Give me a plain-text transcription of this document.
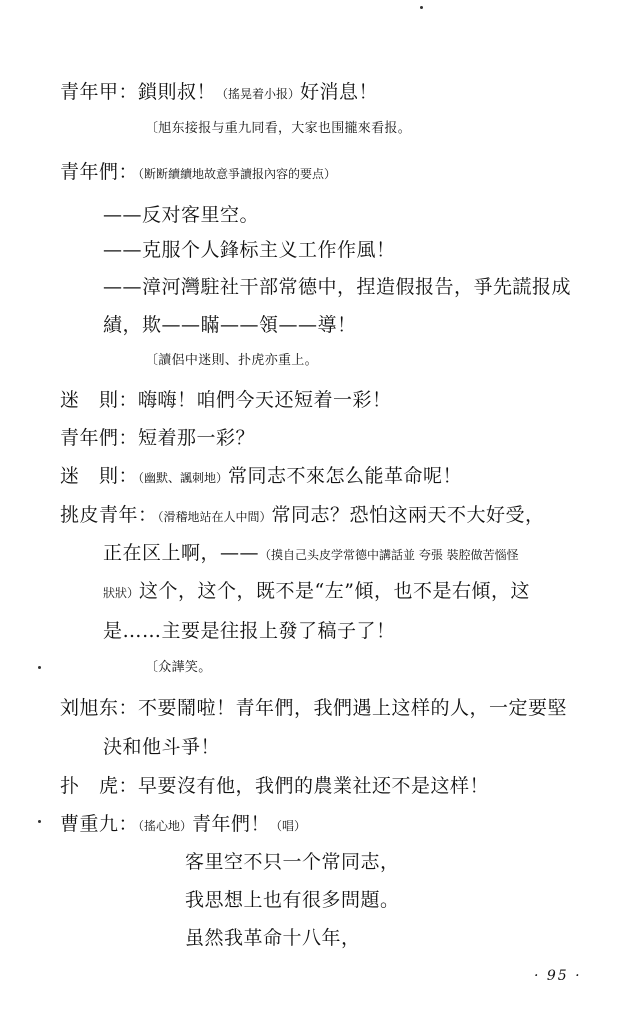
青年甲：鎖則叔！（搖晃着小报）好消息！
〔旭东接报与重九同看，大家也围攏來看报。
青年們：（断断續續地故意爭讀报內容的要点）
——反对客里空。
——克服个人鋒标主义工作作風！
——漳河灣駐社干部常德中，捏造假报告，爭先謊报成
績，欺——瞞——領——導！
〔讀侶中迷則、扑虎亦重上。
迷　則：嗨嗨！咱們今天还短着一彩！
青年們：短着那一彩？
迷　則：（幽默、諷刺地）常同志不來怎么能革命呢！
挑皮青年：（滑稽地站在人中間）常同志？恐怕这兩天不大好受，
正在区上啊，——（摸自己头皮学常德中講話並 夸張 裝腔做苦惱怪
狀狀）这个，这个，既不是“左”傾，也不是右傾，这
是……主要是往报上發了稿子了！
〔众譁笑。
刘旭东：不要鬧啦！青年們，我們遇上这样的人，一定要堅
決和他斗爭！
扑　虎：早要沒有他，我們的農業社还不是这样！
曹重九：（搖心地）青年們！（唱）
客里空不只一个常同志，
我思想上也有很多問題。
虽然我革命十八年，
· 95 ·
